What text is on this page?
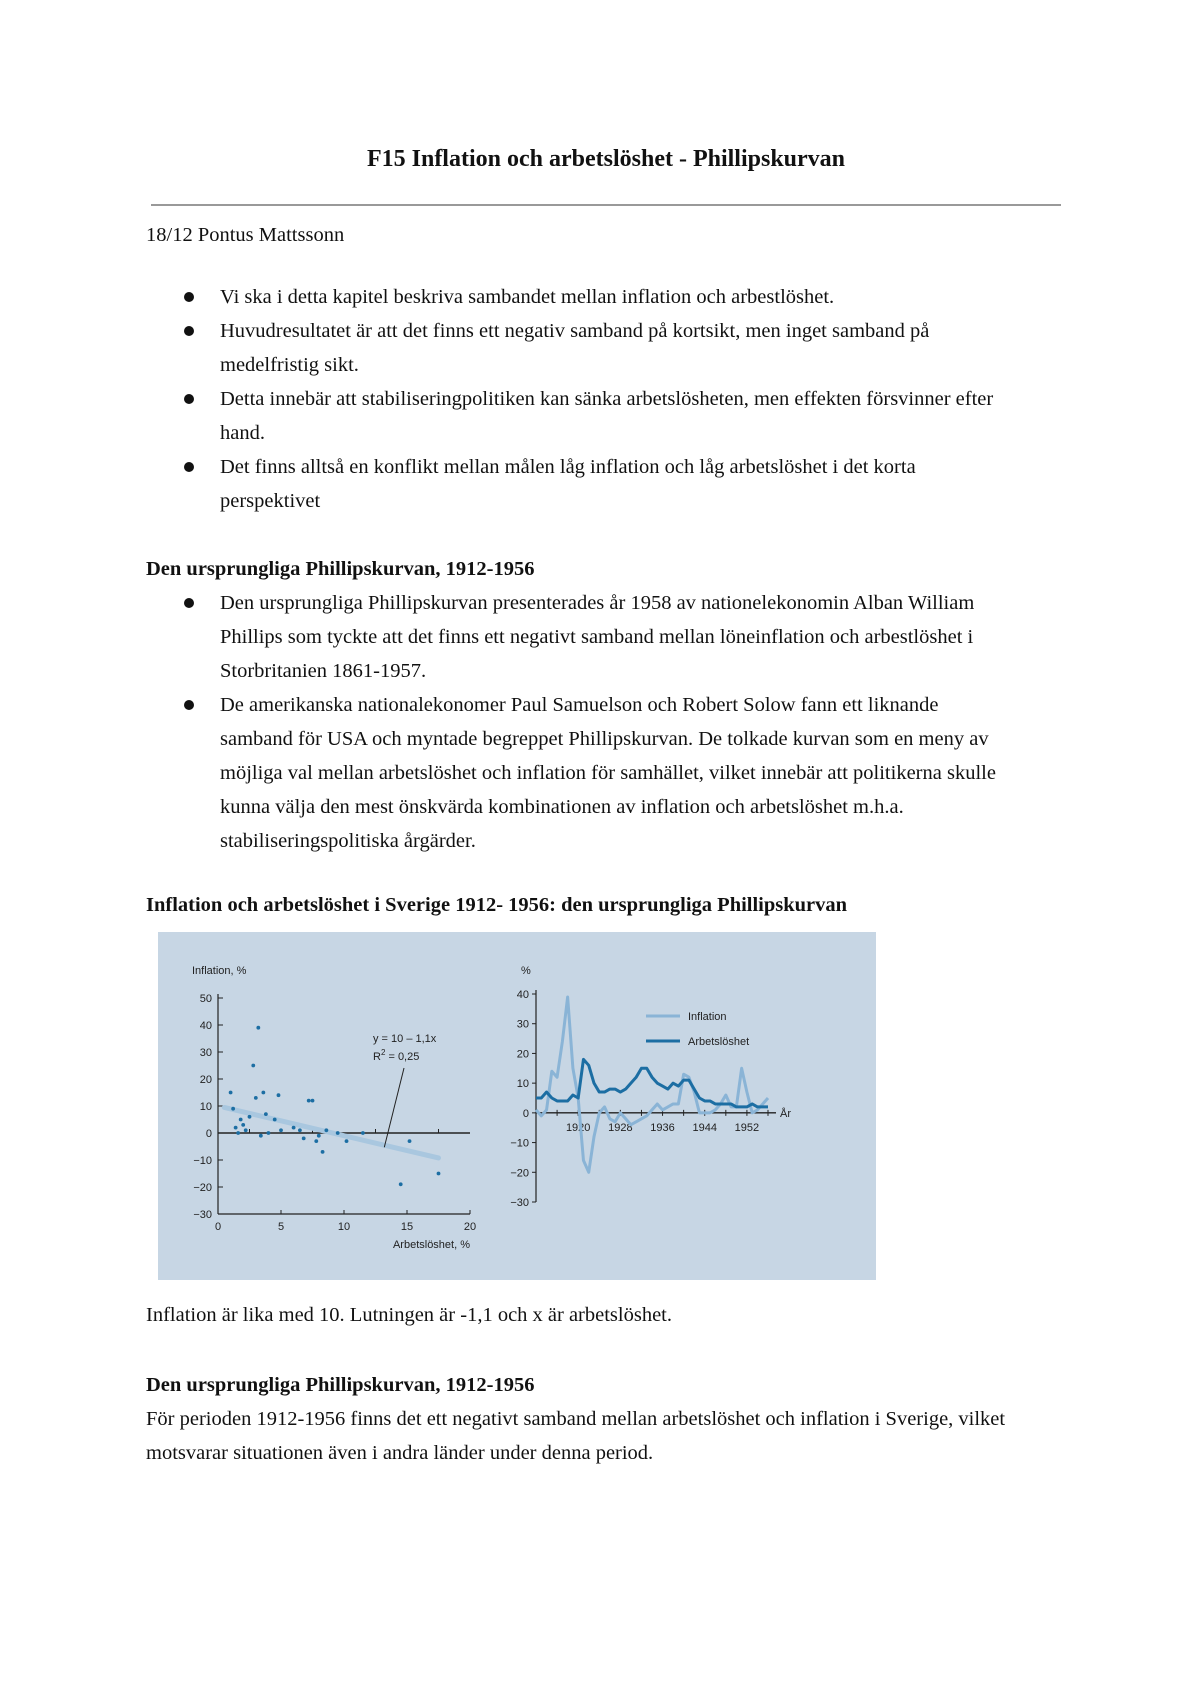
F15 Inflation och arbetslöshet - Phillipskurvan

18/12 Pontus Mattssonn

Vi ska i detta kapitel beskriva sambandet mellan inflation och arbestlöshet.
Huvudresultatet är att det finns ett negativ samband på kortsikt, men inget samband på medelfristig sikt.
Detta innebär att stabiliseringpolitiken kan sänka arbetslösheten, men effekten försvinner efter hand.
Det finns alltså en konflikt mellan målen låg inflation och låg arbetslöshet i det korta perspektivet

Den ursprungliga Phillipskurvan, 1912-1956

Den ursprungliga Phillipskurvan presenterades år 1958 av nationelekonomin Alban William Phillips som tyckte att det finns ett negativt samband mellan löneinflation och arbestlöshet i Storbritanien 1861-1957.
De amerikanska nationalekonomer Paul Samuelson och Robert Solow fann ett liknande samband för USA och myntade begreppet Phillipskurvan. De tolkade kurvan som en meny av möjliga val mellan arbetslöshet och inflation för samhället, vilket innebär att politikerna skulle kunna välja den mest önskvärda kombinationen av inflation och arbetslöshet m.h.a. stabiliseringspolitiska årgärder.

Inflation och arbetslöshet i Sverige 1912- 1956: den ursprungliga Phillipskurvan

Inflation, %
50
40
30
20
10
0
−10
−20
−30
0	5	10	15	20
Arbetslöshet, %
y = 10 – 1,1x
$R^2 = 0,25$
%
40
30
20
10
0
−10
−20
−30
1920 1928 1936 1944 1952
År
Inflation
Arbetslöshet

Inflation är lika med 10. Lutningen är -1,1 och x är arbetslöshet.

Den ursprungliga Phillipskurvan, 1912-1956

För perioden 1912-1956 finns det ett negativt samband mellan arbetslöshet och inflation i Sverige, vilket motsvarar situationen även i andra länder under denna period.
